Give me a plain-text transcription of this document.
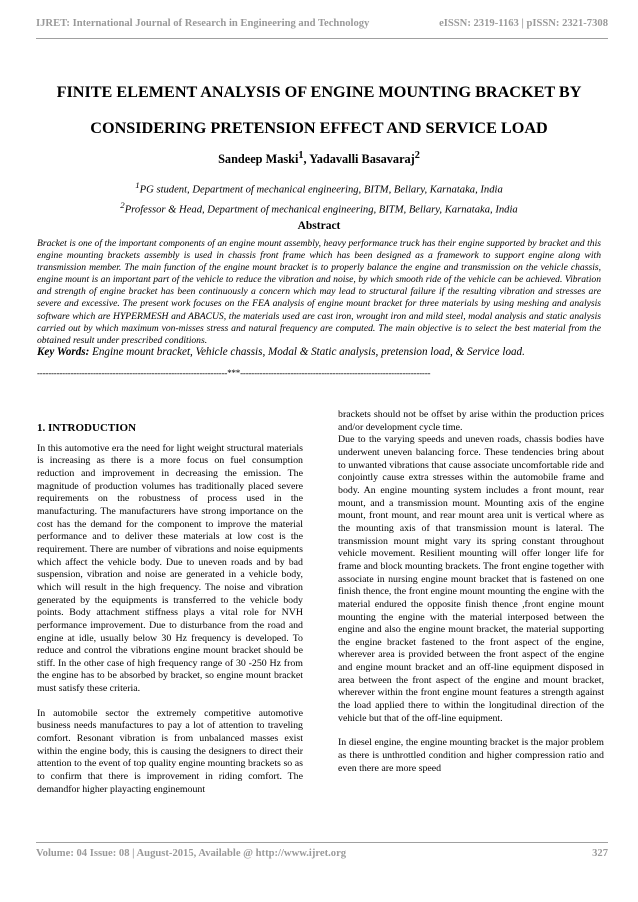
IJRET: International Journal of Research in Engineering and Technology	eISSN: 2319-1163 | pISSN: 2321-7308
FINITE ELEMENT ANALYSIS OF ENGINE MOUNTING BRACKET BY
CONSIDERING PRETENSION EFFECT AND SERVICE LOAD
Sandeep Maski$^1$, Yadavalli Basavaraj$^2$
$^1$PG student, Department of mechanical engineering, BITM, Bellary, Karnataka, India
$^2$Professor & Head, Department of mechanical engineering, BITM, Bellary, Karnataka, India
Abstract
Bracket is one of the important components of an engine mount assembly, heavy performance truck has their engine supported by bracket and this engine mounting brackets assembly is used in chassis front frame which has been designed as a framework to support engine along with transmission member. The main function of the engine mount bracket is to properly balance the engine and transmission on the vehicle chassis, engine mount is an important part of the vehicle to reduce the vibration and noise, by which smooth ride of the vehicle can be achieved. Vibration and strength of engine bracket has been continuously a concern which may lead to structural failure if the resulting vibration and stresses are severe and excessive. The present work focuses on the FEA analysis of engine mount bracket for three materials by using meshing and analysis software which are HYPERMESH and ABACUS, the materials used are cast iron, wrought iron and mild steel, modal analysis and static analysis carried out by which maximum von-misses stress and natural frequency are computed. The main objective is to select the best material from the obtained result under prescribed conditions.
Key Words: Engine mount bracket, Vehicle chassis, Modal & Static analysis, pretension load, & Service load.
--------------------------------------------------------------------***--------------------------------------------------------------------
1. INTRODUCTION

In this automotive era the need for light weight structural materials is increasing as there is a more focus on fuel consumption reduction and improvement in decreasing the emission. The magnitude of production volumes has traditionally placed severe requirements on the robustness of process used in the manufacturing. The manufacturers have strong importance on the cost has the demand for the component to improve the material performance and to deliver these materials at low cost is the requirement. There are number of vibrations and noise equipments which affect the vehicle body. Due to uneven roads and by bad suspension, vibration and noise are generated in a vehicle body, which will result in the high frequency. The noise and vibration generated by the equipments is transferred to the vehicle body points. Body attachment stiffness plays a vital role for NVH performance improvement. Due to disturbance from the road and engine at idle, usually below 30 Hz frequency is developed. To reduce and control the vibrations engine mount bracket should be stiff. In the other case of high frequency range of 30 -250 Hz from the engine has to be absorbed by bracket, so engine mount bracket must satisfy these criteria.

In automobile sector the extremely competitive automotive business needs manufactures to pay a lot of attention to traveling comfort. Resonant vibration is from unbalanced masses exist within the engine body, this is causing the designers to direct their attention to the event of top quality engine mounting brackets so as to confirm that there is improvement in riding comfort. The demandfor higher playacting enginemount

brackets should not be offset by arise within the production prices and/or development cycle time.

Due to the varying speeds and uneven roads, chassis bodies have underwent uneven balancing force. These tendencies bring about to unwanted vibrations that cause associate uncomfortable ride and conjointly cause extra stresses within the automobile frame and body. An engine mounting system includes a front mount, rear mount, and a transmission mount. Mounting axis of the engine mount, front mount, and rear mount area unit is vertical where as the mounting axis of that transmission mount is lateral. The transmission mount might vary its spring constant throughout vehicle movement. Resilient mounting will offer longer life for frame and block mounting brackets. The front engine together with associate in nursing engine mount bracket that is fastened on one finish thence, the front engine mount mounting the engine with the material endured the opposite finish thence ,front engine mount mounting the engine with the material interposed between the engine and also the engine mount bracket, the material supporting the engine bracket fastened to the front aspect of the engine, wherever area is provided between the front aspect of the engine and engine mount bracket and an off-line equipment disposed in area between the front aspect of the engine and mount bracket, wherever within the front engine mount features a strength against the load applied there to within the longitudinal direction of the vehicle but that of the off-line equipment.

In diesel engine, the engine mounting bracket is the major problem as there is unthrottled condition and higher compression ratio and even there are more speed

Volume: 04 Issue: 08 | August-2015, Available @ http://www.ijret.org	327
